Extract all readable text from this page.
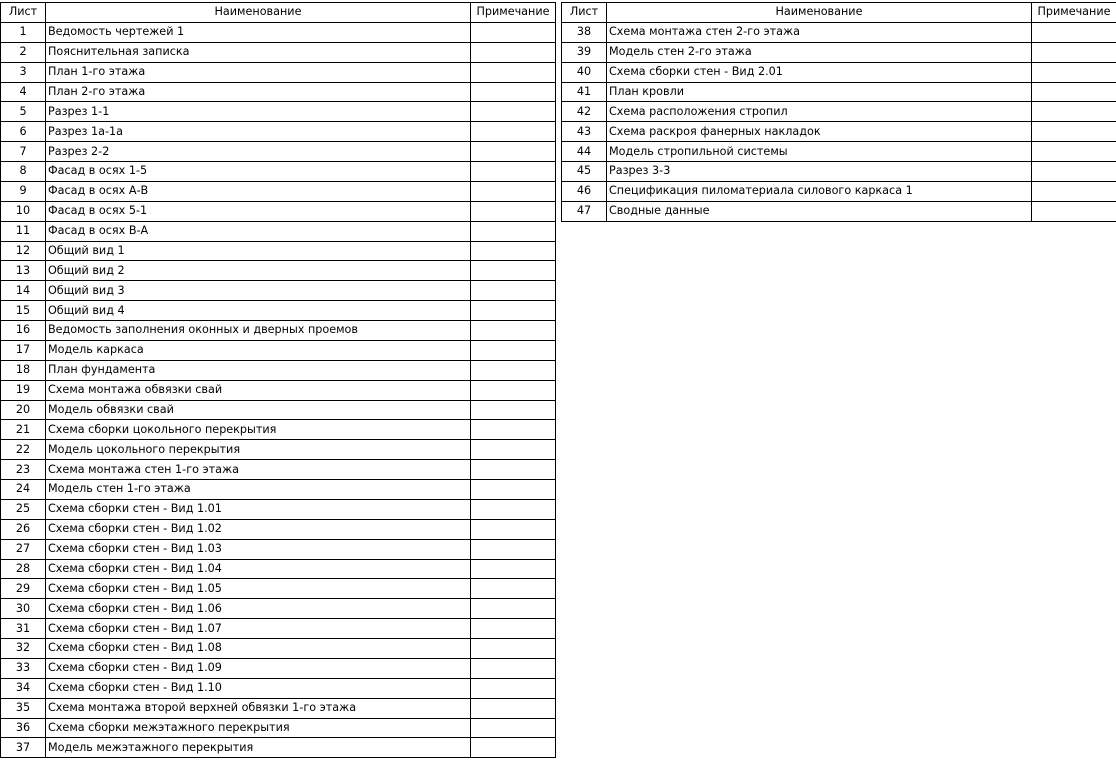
Лист	Наименование	Примечание
1	Ведомость чертежей 1	
2	Пояснительная записка	
3	План 1-го этажа	
4	План 2-го этажа	
5	Разрез 1-1	
6	Разрез 1а-1а	
7	Разрез 2-2	
8	Фасад в осях 1-5	
9	Фасад в осях А-В	
10	Фасад в осях 5-1	
11	Фасад в осях В-А	
12	Общий вид 1	
13	Общий вид 2	
14	Общий вид 3	
15	Общий вид 4	
16	Ведомость заполнения оконных и дверных проемов	
17	Модель каркаса	
18	План фундамента	
19	Схема монтажа обвязки свай	
20	Модель обвязки свай	
21	Схема сборки цокольного перекрытия	
22	Модель цокольного перекрытия	
23	Схема монтажа стен 1-го этажа	
24	Модель стен 1-го этажа	
25	Схема сборки стен - Вид 1.01	
26	Схема сборки стен - Вид 1.02	
27	Схема сборки стен - Вид 1.03	
28	Схема сборки стен - Вид 1.04	
29	Схема сборки стен - Вид 1.05	
30	Схема сборки стен - Вид 1.06	
31	Схема сборки стен - Вид 1.07	
32	Схема сборки стен - Вид 1.08	
33	Схема сборки стен - Вид 1.09	
34	Схема сборки стен - Вид 1.10	
35	Схема монтажа второй верхней обвязки 1-го этажа	
36	Схема сборки межэтажного перекрытия	
37	Модель межэтажного перекрытия	
Лист	Наименование	Примечание
38	Схема монтажа стен 2-го этажа	
39	Модель стен 2-го этажа	
40	Схема сборки стен - Вид 2.01	
41	План кровли	
42	Схема расположения стропил	
43	Схема раскроя фанерных накладок	
44	Модель стропильной системы	
45	Разрез 3-3	
46	Спецификация пиломатериала силового каркаса 1	
47	Сводные данные	
